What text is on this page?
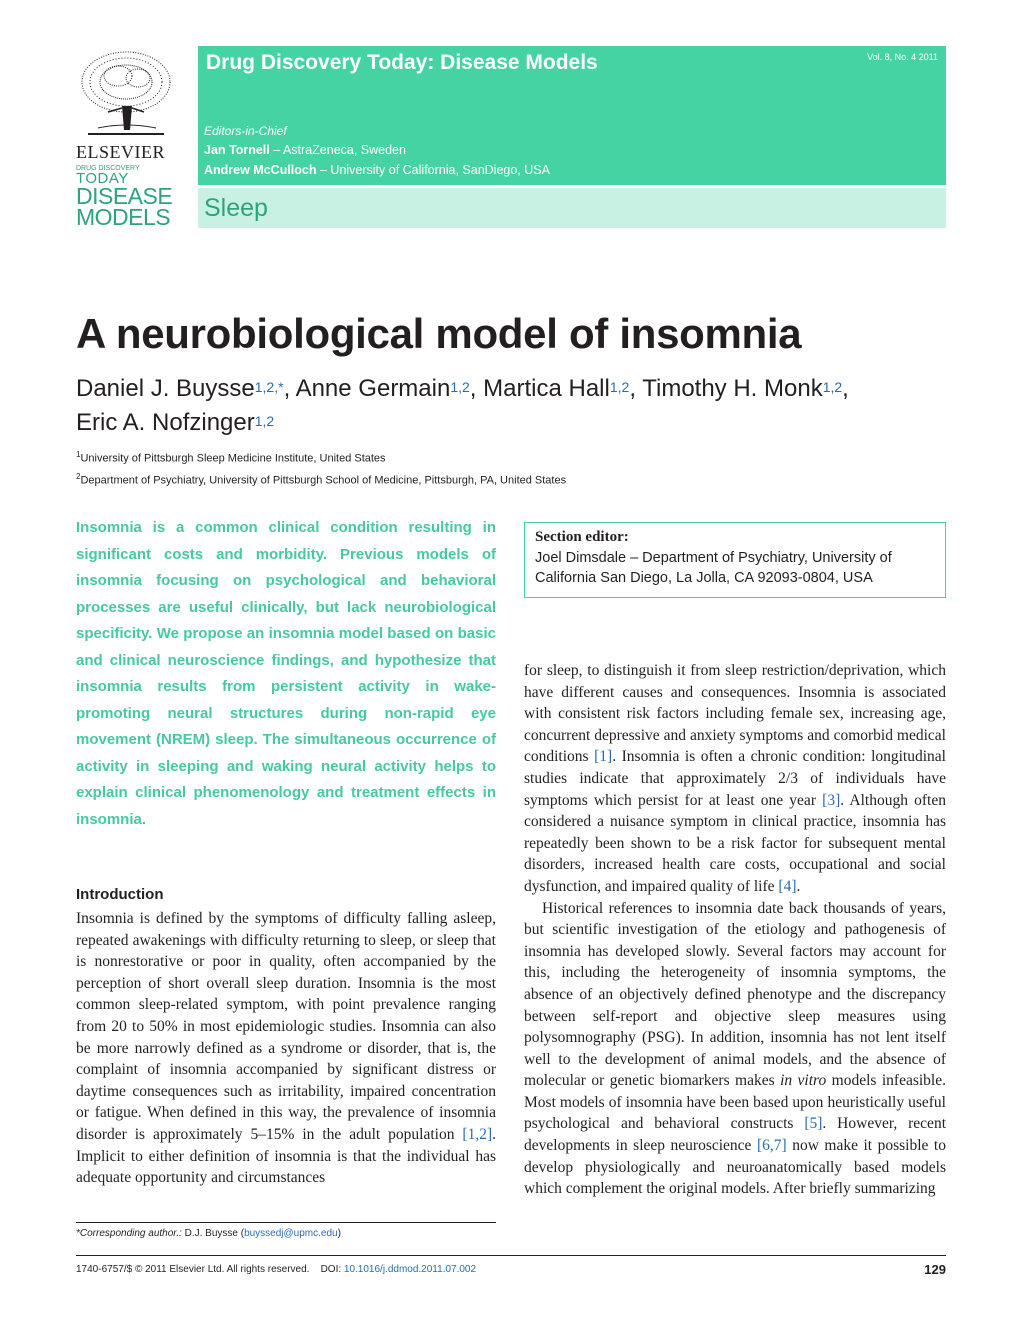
ELSEVIER
DRUG DISCOVERY
TODAY
DISEASE
MODELS
Drug Discovery Today: Disease Models	Vol. 8, No. 4 2011
Editors-in-Chief
Jan Tornell – AstraZeneca, Sweden
Andrew McCulloch – University of California, SanDiego, USA
Sleep
A neurobiological model of insomnia
Daniel J. Buysse$^{1,2,*}$, Anne Germain$^{1,2}$, Martica Hall$^{1,2}$, Timothy H. Monk$^{1,2}$,
Eric A. Nofzinger$^{1,2}$
$^1$University of Pittsburgh Sleep Medicine Institute, United States
$^2$Department of Psychiatry, University of Pittsburgh School of Medicine, Pittsburgh, PA, United States
Insomnia is a common clinical condition resulting in significant costs and morbidity. Previous models of insomnia focusing on psychological and behavioral processes are useful clinically, but lack neurobiological specificity. We propose an insomnia model based on basic and clinical neuroscience findings, and hypothesize that insomnia results from persistent activity in wake-promoting neural structures during non-rapid eye movement (NREM) sleep. The simultaneous occurrence of activity in sleeping and waking neural activity helps to explain clinical phenomenology and treatment effects in insomnia.
Section editor:
Joel Dimsdale – Department of Psychiatry, University of California San Diego, La Jolla, CA 92093-0804, USA
Introduction

Insomnia is defined by the symptoms of difficulty falling asleep, repeated awakenings with difficulty returning to sleep, or sleep that is nonrestorative or poor in quality, often accompanied by the perception of short overall sleep duration. Insomnia is the most common sleep-related symptom, with point prevalence ranging from 20 to 50% in most epidemiologic studies. Insomnia can also be more narrowly defined as a syndrome or disorder, that is, the complaint of insomnia accompanied by significant distress or daytime consequences such as irritability, impaired concentration or fatigue. When defined in this way, the prevalence of insomnia disorder is approximately 5–15% in the adult population [1,2]. Implicit to either definition of insomnia is that the individual has adequate opportunity and circumstances

for sleep, to distinguish it from sleep restriction/deprivation, which have different causes and consequences. Insomnia is associated with consistent risk factors including female sex, increasing age, concurrent depressive and anxiety symptoms and comorbid medical conditions [1]. Insomnia is often a chronic condition: longitudinal studies indicate that approximately 2/3 of individuals have symptoms which persist for at least one year [3]. Although often considered a nuisance symptom in clinical practice, insomnia has repeatedly been shown to be a risk factor for subsequent mental disorders, increased health care costs, occupational and social dysfunction, and impaired quality of life [4].

Historical references to insomnia date back thousands of years, but scientific investigation of the etiology and pathogenesis of insomnia has developed slowly. Several factors may account for this, including the heterogeneity of insomnia symptoms, the absence of an objectively defined phenotype and the discrepancy between self-report and objective sleep measures using polysomnography (PSG). In addition, insomnia has not lent itself well to the development of animal models, and the absence of molecular or genetic biomarkers makes in vitro models infeasible. Most models of insomnia have been based upon heuristically useful psychological and behavioral constructs [5]. However, recent developments in sleep neuroscience [6,7] now make it possible to develop physiologically and neuroanatomically based models which complement the original models. After briefly summarizing

*Corresponding author.: D.J. Buysse (buyssedj@upmc.edu)
1740-6757/$ © 2011 Elsevier Ltd. All rights reserved. DOI: 10.1016/j.ddmod.2011.07.002	129
